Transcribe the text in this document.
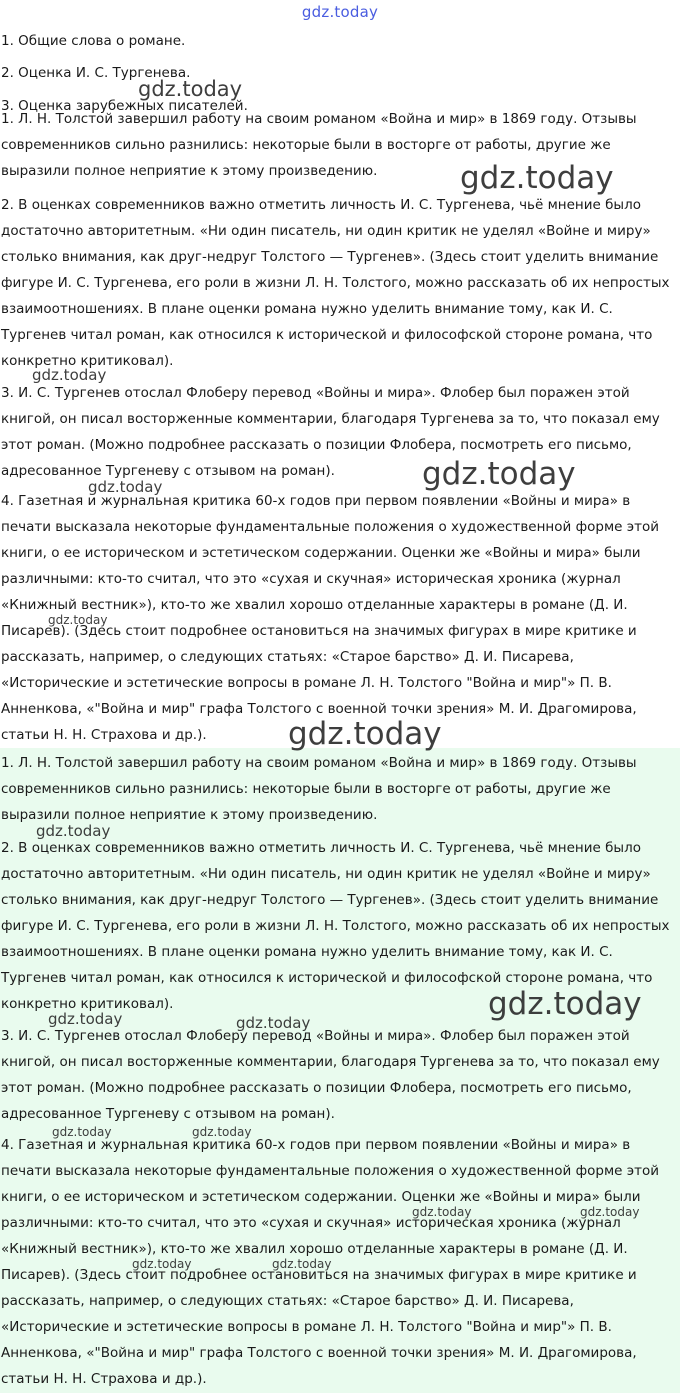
gdz.today
1. Общие слова о романе.
2. Оценка И. С. Тургенева.
3. Оценка зарубежных писателей.
1. Л. Н. Толстой завершил работу на своим романом «Война и мир» в 1869 году. Отзывы современников сильно разнились: некоторые были в восторге от работы, другие же выразили полное неприятие к этому произведению.
2. В оценках современников важно отметить личность И. С. Тургенева, чьё мнение было достаточно авторитетным. «Ни один писатель, ни один критик не уделял «Войне и миру» столько внимания, как друг-недруг Толстого — Тургенев». (Здесь стоит уделить внимание фигуре И. С. Тургенева, его роли в жизни Л. Н. Толстого, можно рассказать об их непростых взаимоотношениях. В плане оценки романа нужно уделить внимание тому, как И. С. Тургенев читал роман, как относился к исторической и философской стороне романа, что конкретно критиковал).
3. И. С. Тургенев отослал Флоберу перевод «Войны и мира». Флобер был поражен этой книгой, он писал восторженные комментарии, благодаря Тургенева за то, что показал ему этот роман. (Можно подробнее рассказать о позиции Флобера, посмотреть его письмо, адресованное Тургеневу с отзывом на роман).
4. Газетная и журнальная критика 60-х годов при первом появлении «Войны и мира» в печати высказала некоторые фундаментальные положения о художественной форме этой книги, о ее историческом и эстетическом содержании. Оценки же «Войны и мира» были различными: кто-то считал, что это «сухая и скучная» историческая хроника (журнал «Книжный вестник»), кто-то же хвалил хорошо отделанные характеры в романе (Д. И. Писарев). (Здесь стоит подробнее остановиться на значимых фигурах в мире критике и рассказать, например, о следующих статьях: «Старое барство» Д. И. Писарева, «Исторические и эстетические вопросы в романе Л. Н. Толстого "Война и мир"» П. В. Анненкова, «"Война и мир" графа Толстого с военной точки зрения» М. И. Драгомирова, статьи Н. Н. Страхова и др.).
1. Л. Н. Толстой завершил работу на своим романом «Война и мир» в 1869 году. Отзывы современников сильно разнились: некоторые были в восторге от работы, другие же выразили полное неприятие к этому произведению.
2. В оценках современников важно отметить личность И. С. Тургенева, чьё мнение было достаточно авторитетным. «Ни один писатель, ни один критик не уделял «Войне и миру» столько внимания, как друг-недруг Толстого — Тургенев». (Здесь стоит уделить внимание фигуре И. С. Тургенева, его роли в жизни Л. Н. Толстого, можно рассказать об их непростых взаимоотношениях. В плане оценки романа нужно уделить внимание тому, как И. С. Тургенев читал роман, как относился к исторической и философской стороне романа, что конкретно критиковал).
3. И. С. Тургенев отослал Флоберу перевод «Войны и мира». Флобер был поражен этой книгой, он писал восторженные комментарии, благодаря Тургенева за то, что показал ему этот роман. (Можно подробнее рассказать о позиции Флобера, посмотреть его письмо, адресованное Тургеневу с отзывом на роман).
4. Газетная и журнальная критика 60-х годов при первом появлении «Войны и мира» в печати высказала некоторые фундаментальные положения о художественной форме этой книги, о ее историческом и эстетическом содержании. Оценки же «Войны и мира» были различными: кто-то считал, что это «сухая и скучная» историческая хроника (журнал «Книжный вестник»), кто-то же хвалил хорошо отделанные характеры в романе (Д. И. Писарев). (Здесь стоит подробнее остановиться на значимых фигурах в мире критике и рассказать, например, о следующих статьях: «Старое барство» Д. И. Писарева, «Исторические и эстетические вопросы в романе Л. Н. Толстого "Война и мир"» П. В. Анненкова, «"Война и мир" графа Толстого с военной точки зрения» М. И. Драгомирова, статьи Н. Н. Страхова и др.).
gdz.today
gdz.today
gdz.today
gdz.today
gdz.today
gdz.today
gdz.today
gdz.today
gdz.today
gdz.today	gdz.today
gdz.today	gdz.today
gdz.today	gdz.today
gdz.today	gdz.today
